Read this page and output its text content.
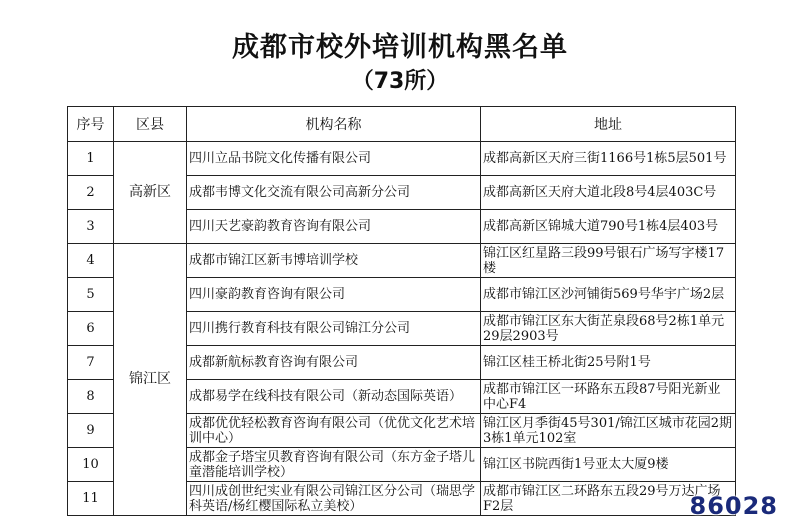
成都市校外培训机构黑名单
（73所）
序号	区县	机构名称	地址
1	高新区	四川立品书院文化传播有限公司	成都高新区天府三街1166号1栋5层501号
2		成都韦博文化交流有限公司高新分公司	成都高新区天府大道北段8号4层403C号
3		四川天艺豪韵教育咨询有限公司	成都高新区锦城大道790号1栋4层403号
4	锦江区	成都市锦江区新韦博培训学校	锦江区红星路三段99号银石广场写字楼17楼
5		四川豪韵教育咨询有限公司	成都市锦江区沙河铺街569号华宇广场2层
6		四川携行教育科技有限公司锦江分公司	成都市锦江区东大街芷泉段68号2栋1单元29层2903号
7		成都新航标教育咨询有限公司	锦江区桂王桥北街25号附1号
8		成都易学在线科技有限公司（新动态国际英语）	成都市锦江区一环路东五段87号阳光新业中心F4
9		成都优优轻松教育咨询有限公司（优优文化艺术培训中心）	锦江区月季街45号301/锦江区城市花园2期3栋1单元102室
10		成都金子塔宝贝教育咨询有限公司（东方金子塔儿童潜能培训学校）	锦江区书院西街1号亚太大厦9楼
11		四川成创世纪实业有限公司锦江区分公司（瑞思学科英语/杨红樱国际私立美校）	成都市锦江区二环路东五段29号万达广场F2层	86028
